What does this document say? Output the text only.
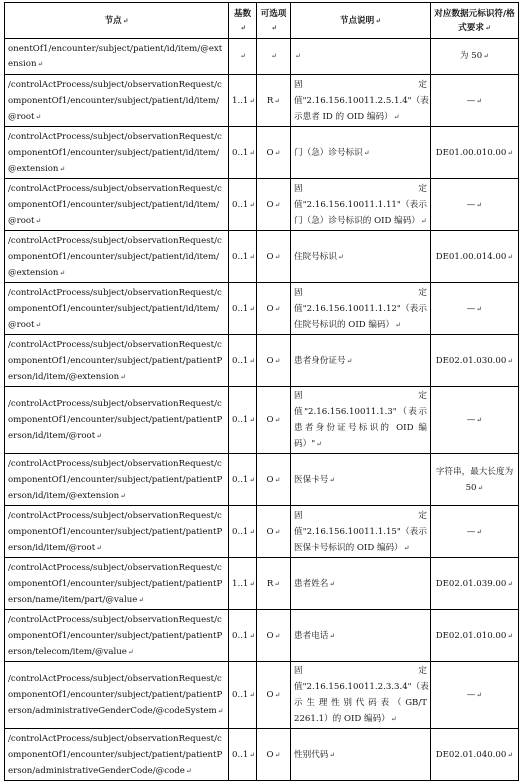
节点↵	基数↵	可选项↵	节点说明↵	对应数据元标识符/格式要求↵
onentOf1/encounter/subject/patient/id/item/@extension↵	↵	↵	↵	为 50↵
/controlActProcess/subject/observationRequest/componentOf1/encounter/subject/patient/id/item/@root↵	1..1↵	R↵	固定值"2.16.156.10011.2.5.1.4"（表示患者 ID 的 OID 编码）↵	—↵
/controlActProcess/subject/observationRequest/componentOf1/encounter/subject/patient/id/item/@extension↵	0..1↵	O↵	门（急）诊号标识↵	DE01.00.010.00↵
/controlActProcess/subject/observationRequest/componentOf1/encounter/subject/patient/id/item/@root↵	0..1↵	O↵	固定值"2.16.156.10011.1.11"（表示门（急）诊号标识的 OID 编码）↵	—↵
/controlActProcess/subject/observationRequest/componentOf1/encounter/subject/patient/id/item/@extension↵	0..1↵	O↵	住院号标识↵	DE01.00.014.00↵
/controlActProcess/subject/observationRequest/componentOf1/encounter/subject/patient/id/item/@root↵	0..1↵	O↵	固定值"2.16.156.10011.1.12"（表示住院号标识的 OID 编码）↵	—↵
/controlActProcess/subject/observationRequest/componentOf1/encounter/subject/patient/patientPerson/id/item/@extension↵	0..1↵	O↵	患者身份证号↵	DE02.01.030.00↵
/controlActProcess/subject/observationRequest/componentOf1/encounter/subject/patient/patientPerson/id/item/@root↵	0..1↵	O↵	固定值"2.16.156.10011.1.3"（表示患者身份证号标识的 OID 编码）"↵	—↵
/controlActProcess/subject/observationRequest/componentOf1/encounter/subject/patient/patientPerson/id/item/@extension↵	0..1↵	O↵	医保卡号↵	字符串，最大长度为 50↵
/controlActProcess/subject/observationRequest/componentOf1/encounter/subject/patient/patientPerson/id/item/@root↵	0..1↵	O↵	固定值"2.16.156.10011.1.15"（表示医保卡号标识的 OID 编码）↵	—↵
/controlActProcess/subject/observationRequest/componentOf1/encounter/subject/patient/patientPerson/name/item/part/@value↵	1..1↵	R↵	患者姓名↵	DE02.01.039.00↵
/controlActProcess/subject/observationRequest/componentOf1/encounter/subject/patient/patientPerson/telecom/item/@value↵	0..1↵	O↵	患者电话↵	DE02.01.010.00↵
/controlActProcess/subject/observationRequest/componentOf1/encounter/subject/patient/patientPerson/administrativeGenderCode/@codeSystem↵	0..1↵	O↵	固定值"2.16.156.10011.2.3.3.4"（表示生理性别代码表（GB/T 2261.1）的 OID 编码）↵	—↵
/controlActProcess/subject/observationRequest/componentOf1/encounter/subject/patient/patientPerson/administrativeGenderCode/@code↵	0..1↵	O↵	性别代码↵	DE02.01.040.00↵
